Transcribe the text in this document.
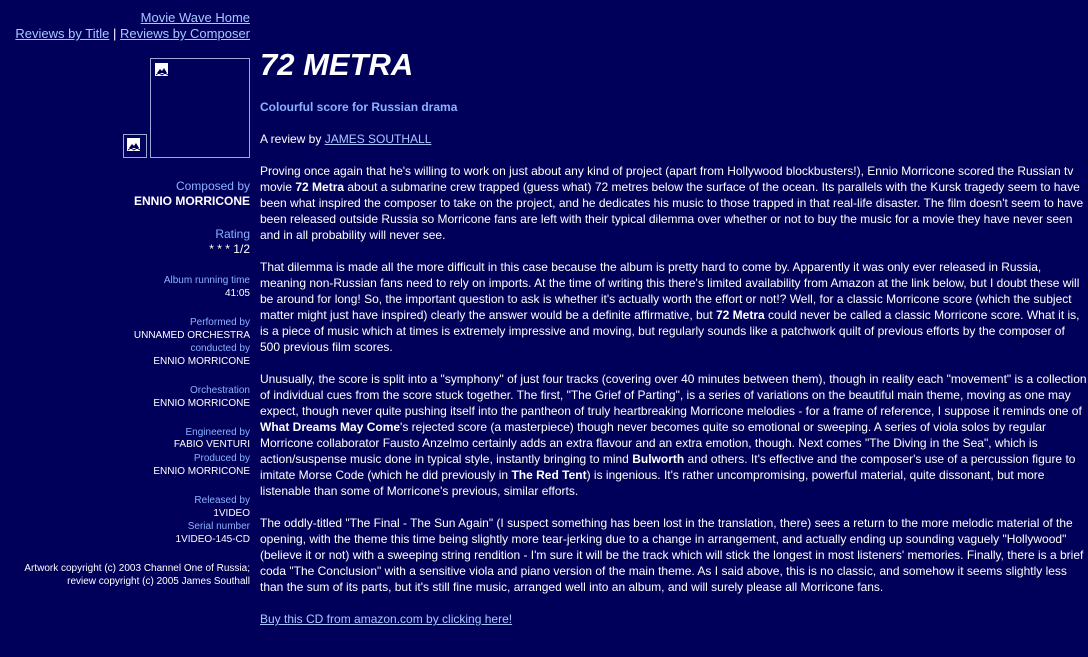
Movie Wave Home
Reviews by Title | Reviews by Composer
Composed by
ENNIO MORRICONE
Rating
* * * 1/2
Album running time
41:05
Performed by
UNNAMED ORCHESTRA
conducted by
ENNIO MORRICONE
Orchestration
ENNIO MORRICONE
Engineered by
FABIO VENTURI
Produced by
ENNIO MORRICONE
Released by
1VIDEO
Serial number
1VIDEO-145-CD
Artwork copyright (c) 2003 Channel One of Russia;
review copyright (c) 2005 James Southall
72 METRA
Colourful score for Russian drama
A review by JAMES SOUTHALL

Proving once again that he's willing to work on just about any kind of project (apart from Hollywood blockbusters!), Ennio Morricone scored the Russian tv movie 72 Metra about a submarine crew trapped (guess what) 72 metres below the surface of the ocean. Its parallels with the Kursk tragedy seem to have been what inspired the composer to take on the project, and he dedicates his music to those trapped in that real-life disaster. The film doesn't seem to have been released outside Russia so Morricone fans are left with their typical dilemma over whether or not to buy the music for a movie they have never seen and in all probability will never see.

That dilemma is made all the more difficult in this case because the album is pretty hard to come by. Apparently it was only ever released in Russia, meaning non-Russian fans need to rely on imports. At the time of writing this there's limited availability from Amazon at the link below, but I doubt these will be around for long! So, the important question to ask is whether it's actually worth the effort or not!? Well, for a classic Morricone score (which the subject matter might just have inspired) clearly the answer would be a definite affirmative, but 72 Metra could never be called a classic Morricone score. What it is, is a piece of music which at times is extremely impressive and moving, but regularly sounds like a patchwork quilt of previous efforts by the composer of 500 previous film scores.

Unusually, the score is split into a "symphony" of just four tracks (covering over 40 minutes between them), though in reality each "movement" is a collection of individual cues from the score stuck together. The first, "The Grief of Parting", is a series of variations on the beautiful main theme, moving as one may expect, though never quite pushing itself into the pantheon of truly heartbreaking Morricone melodies - for a frame of reference, I suppose it reminds one of What Dreams May Come's rejected score (a masterpiece) though never becomes quite so emotional or sweeping. A series of viola solos by regular Morricone collaborator Fausto Anzelmo certainly adds an extra flavour and an extra emotion, though. Next comes "The Diving in the Sea", which is action/suspense music done in typical style, instantly bringing to mind Bulworth and others. It's effective and the composer's use of a percussion figure to imitate Morse Code (which he did previously in The Red Tent) is ingenious. It's rather uncompromising, powerful material, quite dissonant, but more listenable than some of Morricone's previous, similar efforts.

The oddly-titled "The Final - The Sun Again" (I suspect something has been lost in the translation, there) sees a return to the more melodic material of the opening, with the theme this time being slightly more tear-jerking due to a change in arrangement, and actually ending up sounding vaguely "Hollywood" (believe it or not) with a sweeping string rendition - I'm sure it will be the track which will stick the longest in most listeners' memories. Finally, there is a brief coda "The Conclusion" with a sensitive viola and piano version of the main theme. As I said above, this is no classic, and somehow it seems slightly less than the sum of its parts, but it's still fine music, arranged well into an album, and will surely please all Morricone fans.

Buy this CD from amazon.com by clicking here!
